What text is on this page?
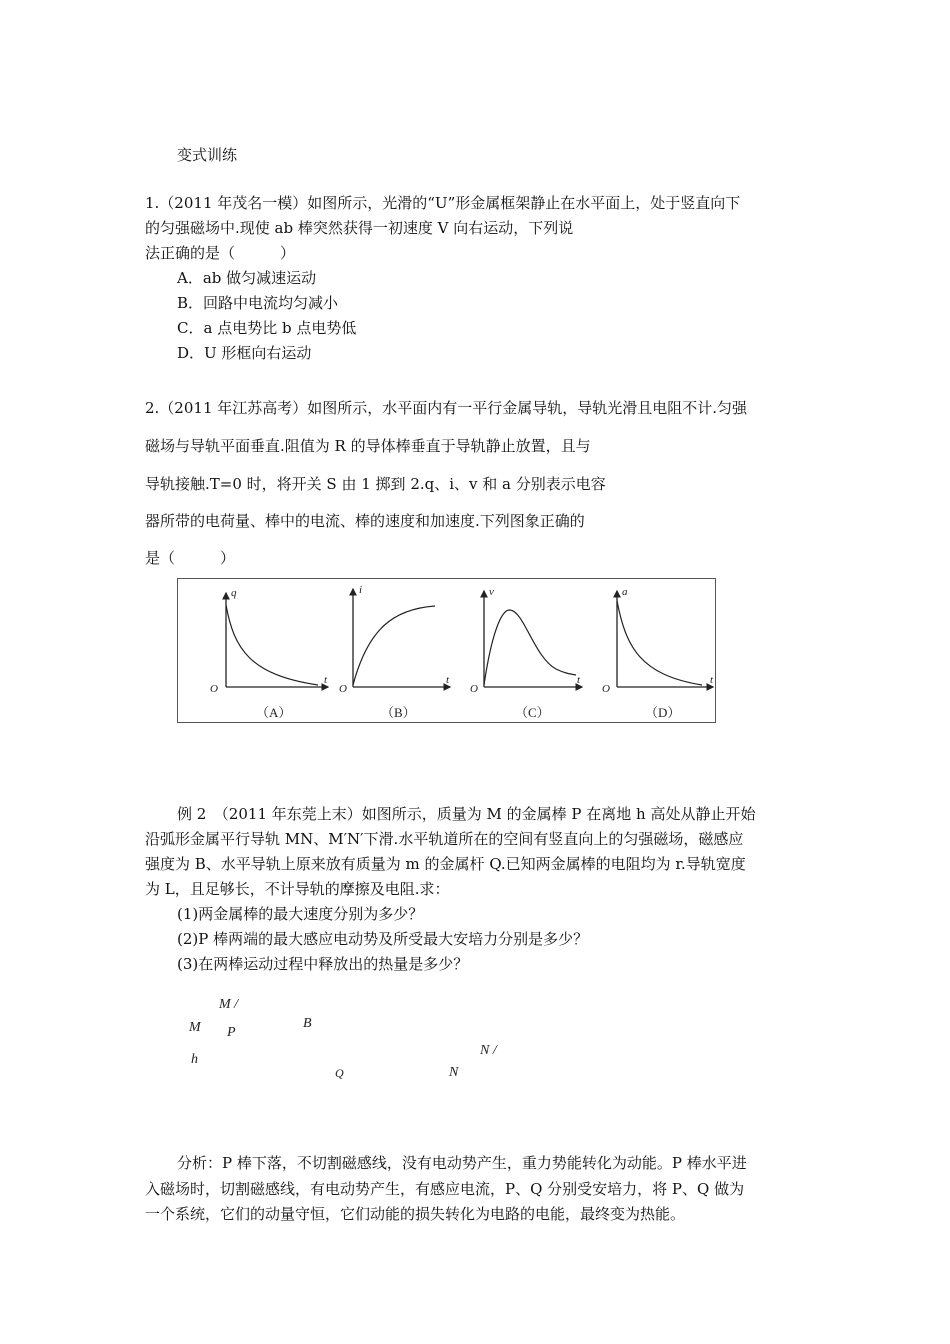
变式训练
1.（2011 年茂名一模）如图所示，光滑的“U”形金属框架静止在水平面上，处于竖直向下
的匀强磁场中.现使 ab 棒突然获得一初速度 V 向右运动，下列说
法正确的是（　　　）
A．ab 做匀减速运动
B．回路中电流均匀减小
C．a 点电势比 b 点电势低
D．U 形框向右运动
2.（2011 年江苏高考）如图所示，水平面内有一平行金属导轨，导轨光滑且电阻不计.匀强
磁场与导轨平面垂直.阻值为 R 的导体棒垂直于导轨静止放置，且与
导轨接触.T=0 时，将开关 S 由 1 掷到 2.q、i、v 和 a 分别表示电容
器所带的电荷量、棒中的电流、棒的速度和加速度.下列图象正确的
是（　　　）
q
t
O
（A）
i
t
O
（B）
v
t
O
（C）
a
t
O
（D）
例 2　（2011 年东莞上末）如图所示，质量为 M 的金属棒 P 在离地 h 高处从静止开始
沿弧形金属平行导轨 MN、M′N′下滑.水平轨道所在的空间有竖直向上的匀强磁场，磁感应
强度为 B、水平导轨上原来放有质量为 m 的金属杆 Q.已知两金属棒的电阻均为 r.导轨宽度
为 L，且足够长，不计导轨的摩擦及电阻.求：
(1)两金属棒的最大速度分别为多少？
(2)P 棒两端的最大感应电动势及所受最大安培力分别是多少？
(3)在两棒运动过程中释放出的热量是多少？
M /
M P
B
h
N /
Q	N
分析：P 棒下落，不切割磁感线，没有电动势产生，重力势能转化为动能。P 棒水平进
入磁场时，切割磁感线，有电动势产生，有感应电流，P、Q 分别受安培力，将 P、Q 做为
一个系统，它们的动量守恒，它们动能的损失转化为电路的电能，最终变为热能。
